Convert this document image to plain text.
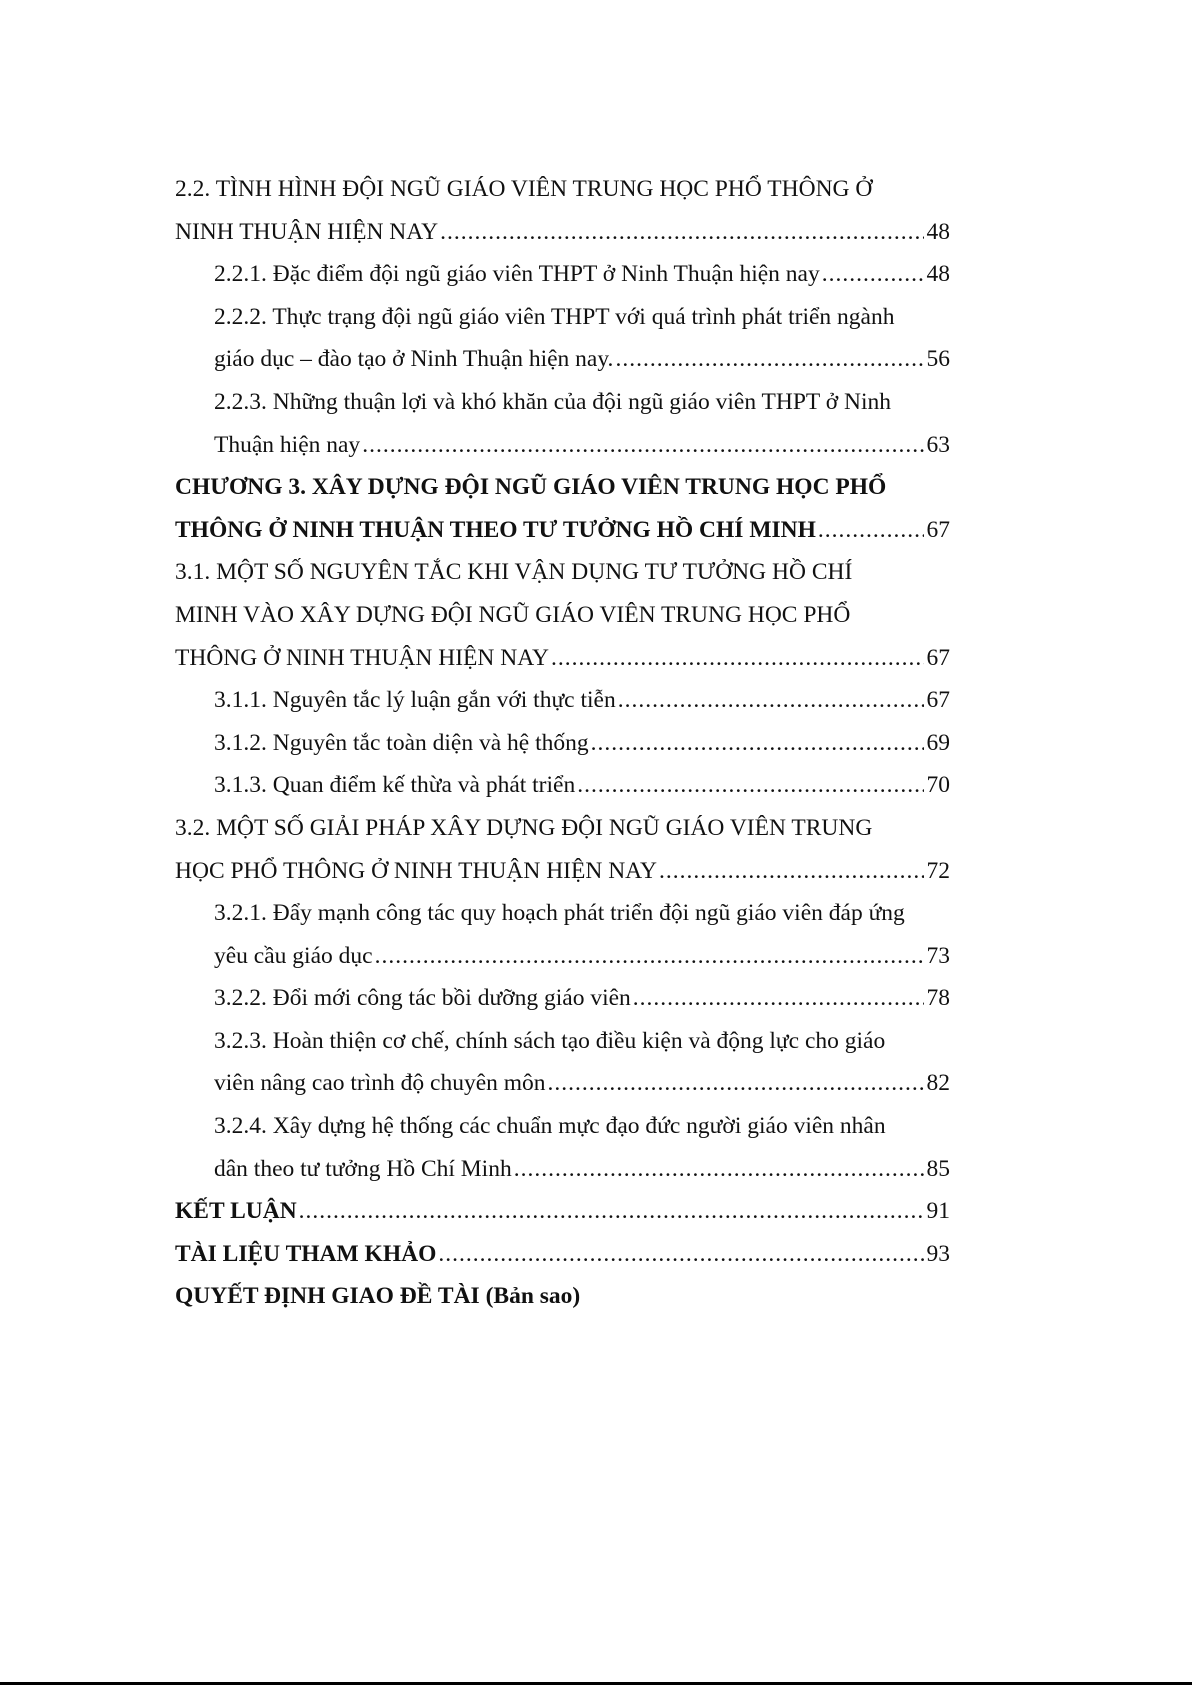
2.2. TÌNH HÌNH ĐỘI NGŨ GIÁO VIÊN TRUNG HỌC PHỔ THÔNG Ở
NINH THUẬN HIỆN NAY .....	48
2.2.1. Đặc điểm đội ngũ giáo viên THPT ở Ninh Thuận hiện nay .....	48
2.2.2. Thực trạng đội ngũ giáo viên THPT với quá trình phát triển ngành
giáo dục – đào tạo ở Ninh Thuận hiện nay. .....	56
2.2.3. Những thuận lợi và khó khăn của đội ngũ giáo viên THPT ở Ninh
Thuận hiện nay .....	63
CHƯƠNG 3. XÂY DỰNG ĐỘI NGŨ GIÁO VIÊN TRUNG HỌC PHỔ
THÔNG Ở NINH THUẬN THEO TƯ TƯỞNG HỒ CHÍ MINH .....	67
3.1. MỘT SỐ NGUYÊN TẮC KHI VẬN DỤNG TƯ TƯỞNG HỒ CHÍ
MINH VÀO XÂY DỰNG ĐỘI NGŨ GIÁO VIÊN TRUNG HỌC PHỔ
THÔNG Ở NINH THUẬN HIỆN NAY .....	67
3.1.1. Nguyên tắc lý luận gắn với thực tiễn .....	67
3.1.2. Nguyên tắc toàn diện và hệ thống .....	69
3.1.3. Quan điểm kế thừa và phát triển .....	70
3.2. MỘT SỐ GIẢI PHÁP XÂY DỰNG ĐỘI NGŨ GIÁO VIÊN TRUNG
HỌC PHỔ THÔNG Ở NINH THUẬN HIỆN NAY .....	72
3.2.1. Đẩy mạnh công tác quy hoạch phát triển đội ngũ giáo viên đáp ứng
yêu cầu giáo dục .....	73
3.2.2. Đổi mới công tác bồi dưỡng giáo viên .....	78
3.2.3. Hoàn thiện cơ chế, chính sách tạo điều kiện và động lực cho giáo
viên nâng cao trình độ chuyên môn .....	82
3.2.4. Xây dựng hệ thống các chuẩn mực đạo đức người giáo viên nhân
dân theo tư tưởng Hồ Chí Minh .....	85
KẾT LUẬN .....	91
TÀI LIỆU THAM KHẢO .....	93
QUYẾT ĐỊNH GIAO ĐỀ TÀI (Bản sao)
